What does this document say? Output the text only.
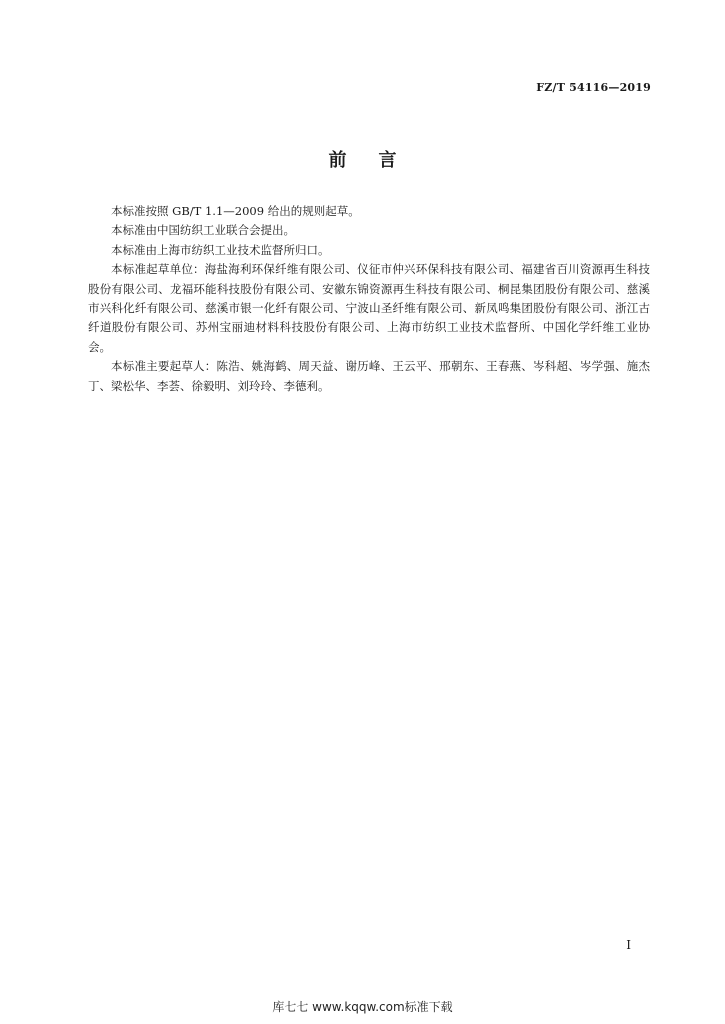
FZ/T 54116—2019
前言

本标准按照 GB/T 1.1—2009 给出的规则起草。

本标准由中国纺织工业联合会提出。

本标准由上海市纺织工业技术监督所归口。

本标准起草单位：海盐海利环保纤维有限公司、仪征市仲兴环保科技有限公司、福建省百川资源再生科技股份有限公司、龙福环能科技股份有限公司、安徽东锦资源再生科技有限公司、桐昆集团股份有限公司、慈溪市兴科化纤有限公司、慈溪市银一化纤有限公司、宁波山圣纤维有限公司、新凤鸣集团股份有限公司、浙江古纤道股份有限公司、苏州宝丽迪材料科技股份有限公司、上海市纺织工业技术监督所、中国化学纤维工业协会。

本标准主要起草人：陈浩、姚海鹤、周天益、谢历峰、王云平、邢朝东、王春燕、岑科超、岑学强、施杰丁、梁松华、李荟、徐毅明、刘玲玲、李德利。

I
库七七 www.kqqw.com标准下载
